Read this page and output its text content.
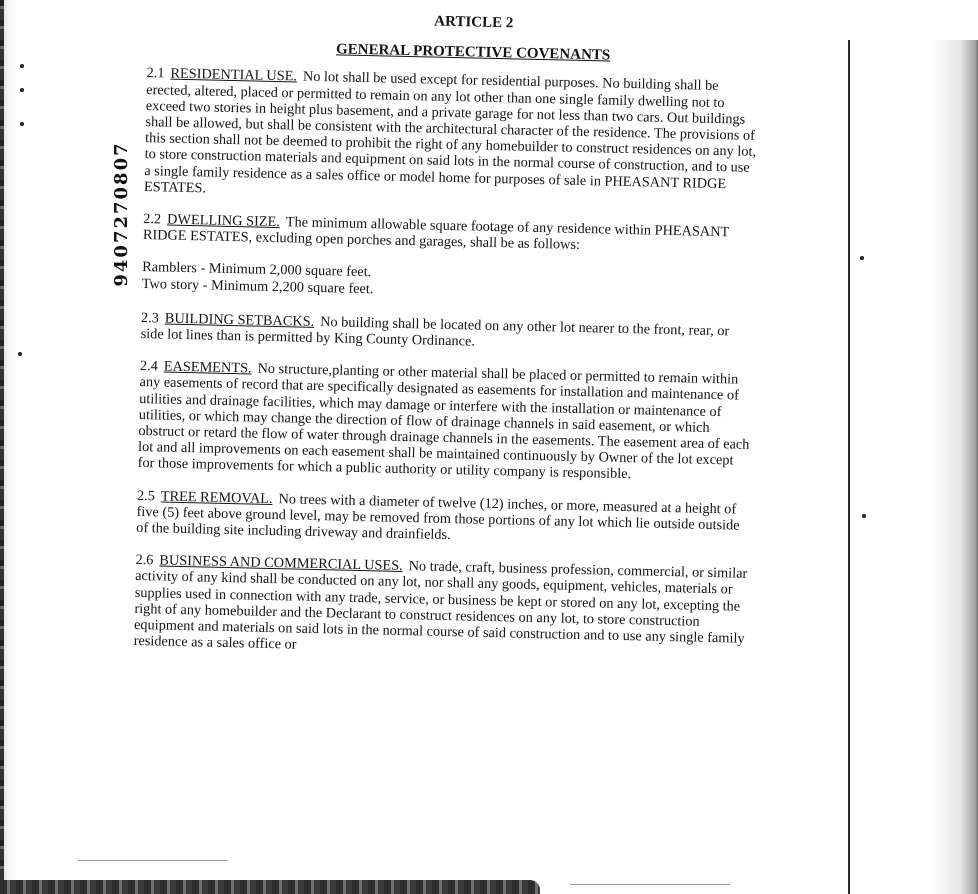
9407270807
ARTICLE 2
GENERAL PROTECTIVE COVENANTS
2.1 RESIDENTIAL USE. No lot shall be used except for residential purposes. No building shall be erected, altered, placed or permitted to remain on any lot other than one single family dwelling not to exceed two stories in height plus basement, and a private garage for not less than two cars. Out buildings shall be allowed, but shall be consistent with the architectural character of the residence. The provisions of this section shall not be deemed to prohibit the right of any homebuilder to construct residences on any lot, to store construction materials and equipment on said lots in the normal course of construction, and to use a single family residence as a sales office or model home for purposes of sale in PHEASANT RIDGE ESTATES.
2.2 DWELLING SIZE. The minimum allowable square footage of any residence within PHEASANT RIDGE ESTATES, excluding open porches and garages, shall be as follows:
Ramblers - Minimum 2,000 square feet.
Two story - Minimum 2,200 square feet.
2.3 BUILDING SETBACKS. No building shall be located on any other lot nearer to the front, rear, or side lot lines than is permitted by King County Ordinance.
2.4 EASEMENTS. No structure,planting or other material shall be placed or permitted to remain within any easements of record that are specifically designated as easements for installation and maintenance of utilities and drainage facilities, which may damage or interfere with the installation or maintenance of utilities, or which may change the direction of flow of drainage channels in said easement, or which obstruct or retard the flow of water through drainage channels in the easements. The easement area of each lot and all improvements on each easement shall be maintained continuously by Owner of the lot except for those improvements for which a public authority or utility company is responsible.
2.5 TREE REMOVAL. No trees with a diameter of twelve (12) inches, or more, measured at a height of five (5) feet above ground level, may be removed from those portions of any lot which lie outside outside of the building site including driveway and drainfields.
2.6 BUSINESS AND COMMERCIAL USES. No trade, craft, business profession, commercial, or similar activity of any kind shall be conducted on any lot, nor shall any goods, equipment, vehicles, materials or supplies used in connection with any trade, service, or business be kept or stored on any lot, excepting the right of any homebuilder and the Declarant to construct residences on any lot, to store construction equipment and materials on said lots in the normal course of said construction and to use any single family residence as a sales office or
